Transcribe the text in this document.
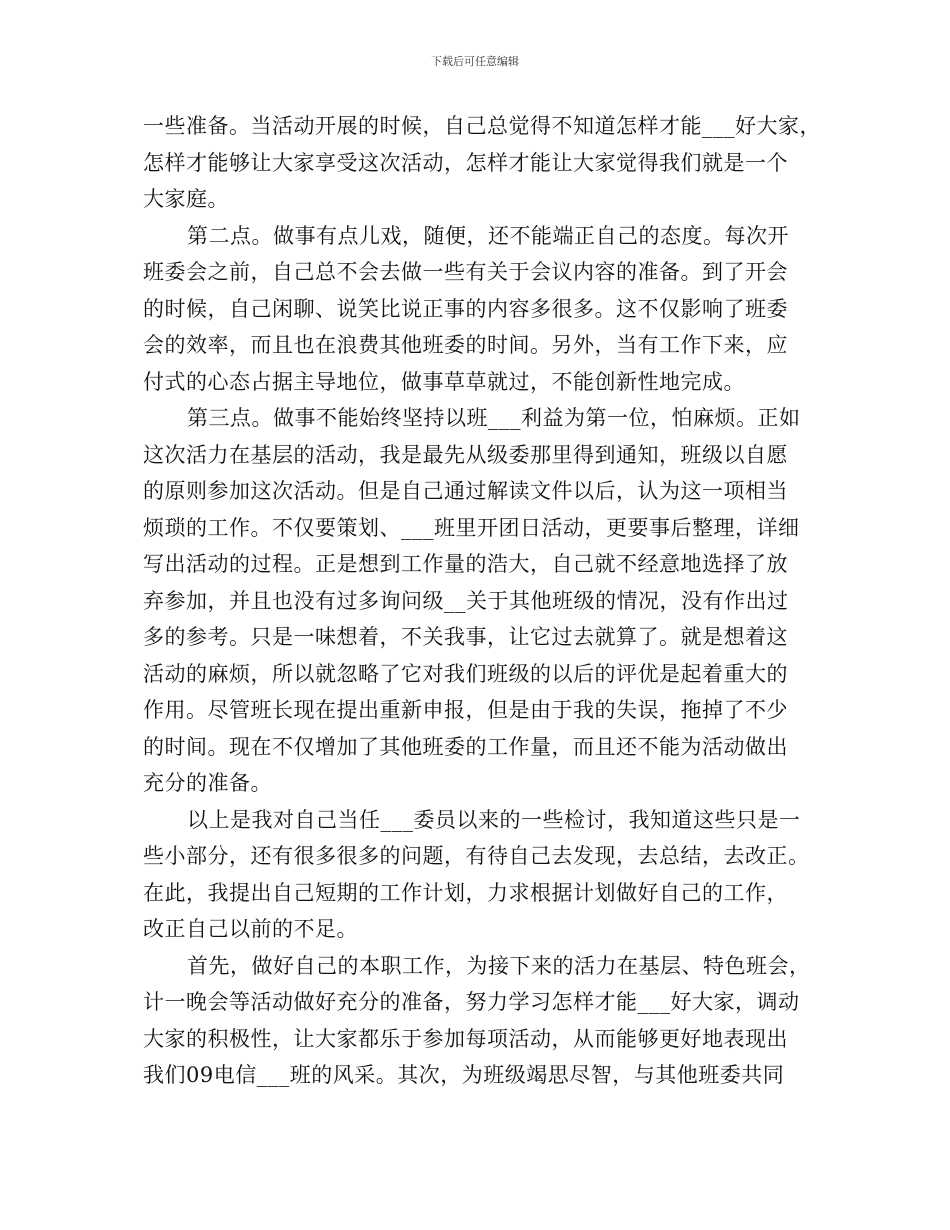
下载后可任意编辑

一些准备。当活动开展的时候，自己总觉得不知道怎样才能___好大家，
怎样才能够让大家享受这次活动，怎样才能让大家觉得我们就是一个
大家庭。

第二点。做事有点儿戏，随便，还不能端正自己的态度。每次开
班委会之前，自己总不会去做一些有关于会议内容的准备。到了开会
的时候，自己闲聊、说笑比说正事的内容多很多。这不仅影响了班委
会的效率，而且也在浪费其他班委的时间。另外，当有工作下来，应
付式的心态占据主导地位，做事草草就过，不能创新性地完成。

第三点。做事不能始终坚持以班___利益为第一位，怕麻烦。正如
这次活力在基层的活动，我是最先从级委那里得到通知，班级以自愿
的原则参加这次活动。但是自己通过解读文件以后，认为这一项相当
烦琐的工作。不仅要策划、___班里开团日活动，更要事后整理，详细
写出活动的过程。正是想到工作量的浩大，自己就不经意地选择了放
弃参加，并且也没有过多询问级__关于其他班级的情况，没有作出过
多的参考。只是一味想着，不关我事，让它过去就算了。就是想着这
活动的麻烦，所以就忽略了它对我们班级的以后的评优是起着重大的
作用。尽管班长现在提出重新申报，但是由于我的失误，拖掉了不少
的时间。现在不仅增加了其他班委的工作量，而且还不能为活动做出
充分的准备。

以上是我对自己当任___委员以来的一些检讨，我知道这些只是一
些小部分，还有很多很多的问题，有待自己去发现，去总结，去改正。
在此，我提出自己短期的工作计划，力求根据计划做好自己的工作，
改正自己以前的不足。

首先，做好自己的本职工作，为接下来的活力在基层、特色班会，
计一晚会等活动做好充分的准备，努力学习怎样才能___好大家，调动
大家的积极性，让大家都乐于参加每项活动，从而能够更好地表现出
我们09电信___班的风采。其次，为班级竭思尽智，与其他班委共同
